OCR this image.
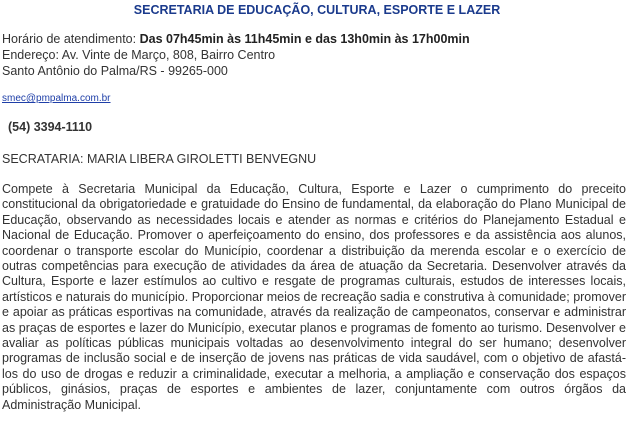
SECRETARIA DE EDUCAÇÃO, CULTURA, ESPORTE E LAZER
Horário de atendimento: Das 07h45min às 11h45min e das 13h0min às 17h00min
Endereço: Av. Vinte de Março, 808, Bairro Centro
Santo Antônio do Palma/RS - 99265-000
smec@pmpalma.com.br
(54) 3394-1110
SECRATARIA: MARIA LIBERA GIROLETTI BENVEGNU
Compete à Secretaria Municipal da Educação, Cultura, Esporte e Lazer o cumprimento do preceito constitucional da obrigatoriedade e gratuidade do Ensino de fundamental, da elaboração do Plano Municipal de Educação, observando as necessidades locais e atender as normas e critérios do Planejamento Estadual e Nacional de Educação. Promover o aperfeiçoamento do ensino, dos professores e da assistência aos alunos, coordenar o transporte escolar do Município, coordenar a distribuição da merenda escolar e o exercício de outras competências para execução de atividades da área de atuação da Secretaria. Desenvolver através da Cultura, Esporte e lazer estímulos ao cultivo e resgate de programas culturais, estudos de interesses locais, artísticos e naturais do município. Proporcionar meios de recreação sadia e construtiva à comunidade; promover e apoiar as práticas esportivas na comunidade, através da realização de campeonatos, conservar e administrar as praças de esportes e lazer do Município, executar planos e programas de fomento ao turismo. Desenvolver e avaliar as políticas públicas municipais voltadas ao desenvolvimento integral do ser humano; desenvolver programas de inclusão social e de inserção de jovens nas práticas de vida saudável, com o objetivo de afastá-los do uso de drogas e reduzir a criminalidade, executar a melhoria, a ampliação e conservação dos espaços públicos, ginásios, praças de esportes e ambientes de lazer, conjuntamente com outros órgãos da Administração Municipal.
